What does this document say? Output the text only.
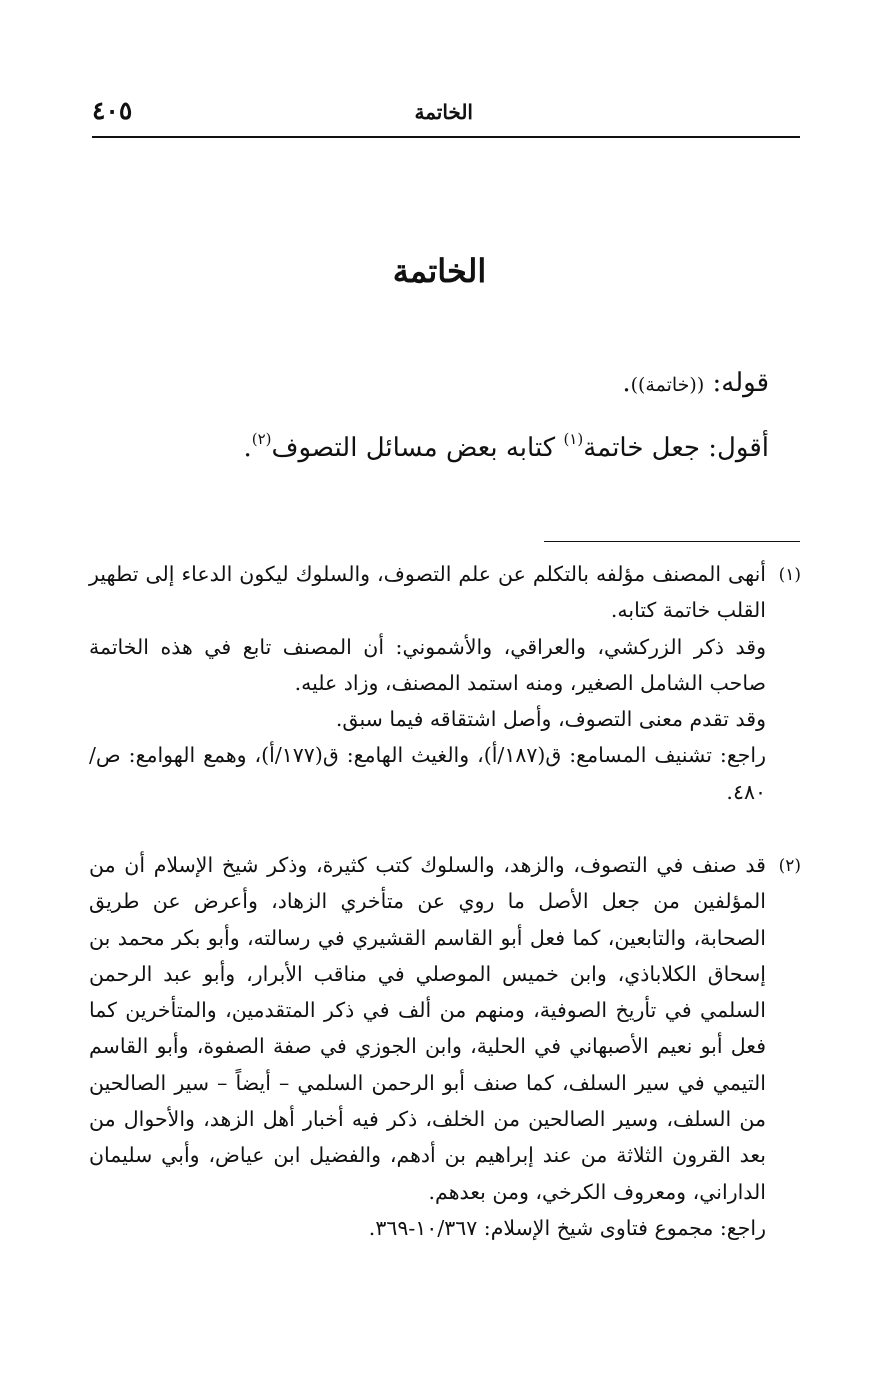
الخاتمة
٤٠٥
الخاتمة
قوله: ((خاتمة)).
أقول: جعل خاتمة$^{(١)}$ كتابه بعض مسائل التصوف$^{(٢)}$.
(١)

أنهى المصنف مؤلفه بالتكلم عن علم التصوف، والسلوك ليكون الدعاء إلى تطهير القلب خاتمة كتابه.

وقد ذكر الزركشي، والعراقي، والأشموني: أن المصنف تابع في هذه الخاتمة صاحب الشامل الصغير، ومنه استمد المصنف، وزاد عليه.

وقد تقدم معنى التصوف، وأصل اشتقاقه فيما سبق.

راجع: تشنيف المسامع: ق(١٨٧/أ)، والغيث الهامع: ق(١٧٧/أ)، وهمع الهوامع: ص/٤٨٠.

(٢)

قد صنف في التصوف، والزهد، والسلوك كتب كثيرة، وذكر شيخ الإسلام أن من المؤلفين من جعل الأصل ما روي عن متأخري الزهاد، وأعرض عن طريق الصحابة، والتابعين، كما فعل أبو القاسم القشيري في رسالته، وأبو بكر محمد بن إسحاق الكلاباذي، وابن خميس الموصلي في مناقب الأبرار، وأبو عبد الرحمن السلمي في تأريخ الصوفية، ومنهم من ألف في ذكر المتقدمين، والمتأخرين كما فعل أبو نعيم الأصبهاني في الحلية، وابن الجوزي في صفة الصفوة، وأبو القاسم التيمي في سير السلف، كما صنف أبو الرحمن السلمي – أيضاً – سير الصالحين من السلف، وسير الصالحين من الخلف، ذكر فيه أخبار أهل الزهد، والأحوال من بعد القرون الثلاثة من عند إبراهيم بن أدهم، والفضيل ابن عياض، وأبي سليمان الداراني، ومعروف الكرخي، ومن بعدهم.

راجع: مجموع فتاوى شيخ الإسلام: ١٠/٣٦٧-٣٦٩.
